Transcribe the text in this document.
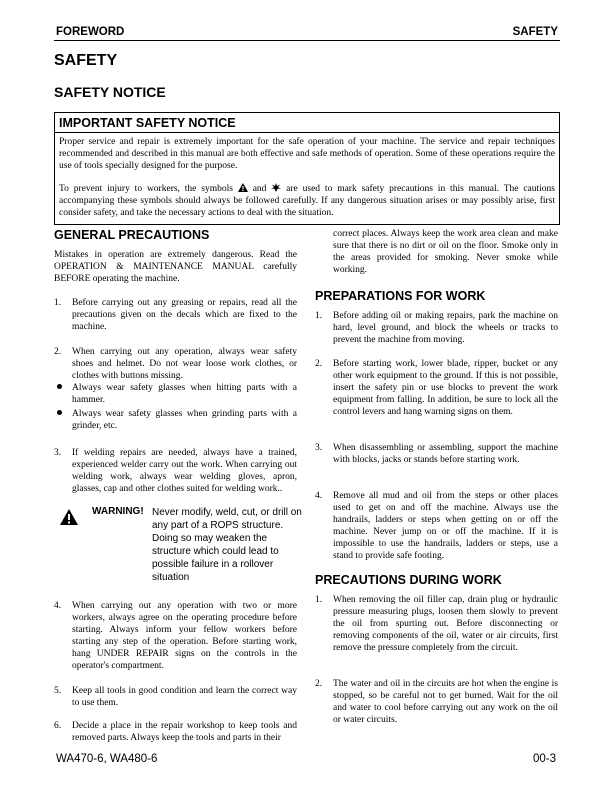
FOREWORD	SAFETY
SAFETY
SAFETY NOTICE
IMPORTANT SAFETY NOTICE
Proper service and repair is extremely important for the safe operation of your machine. The service and repair techniques recommended and described in this manual are both effective and safe methods of operation. Some of these operations require the use of tools specially designed for the purpose.
To prevent injury to workers, the symbols and are used to mark safety precautions in this manual. The cautions accompanying these symbols should always be followed carefully. If any dangerous situation arises or may possibly arise, first consider safety, and take the necessary actions to deal with the situation.
GENERAL PRECAUTIONS
Mistakes in operation are extremely dangerous. Read the OPERATION & MAINTENANCE MANUAL carefully BEFORE operating the machine.
1. Before carrying out any greasing or repairs, read all the precautions given on the decals which are fixed to the machine.
2. When carrying out any operation, always wear safety shoes and helmet. Do not wear loose work clothes, or clothes with buttons missing.
Always wear safety glasses when hitting parts with a hammer.
Always wear safety glasses when grinding parts with a grinder, etc.
3. If welding repairs are needed, always have a trained, experienced welder carry out the work. When carrying out welding work, always wear welding gloves, apron, glasses, cap and other clothes suited for welding work..
WARNING! Never modify, weld, cut, or drill on any part of a ROPS structure. Doing so may weaken the structure which could lead to possible failure in a rollover situation
4. When carrying out any operation with two or more workers, always agree on the operating procedure before starting. Always inform your fellow workers before starting any step of the operation. Before starting work, hang UNDER REPAIR signs on the controls in the operator's compartment.
5. Keep all tools in good condition and learn the correct way to use them.
6. Decide a place in the repair workshop to keep tools and removed parts. Always keep the tools and parts in their
correct places. Always keep the work area clean and make sure that there is no dirt or oil on the floor. Smoke only in the areas provided for smoking. Never smoke while working.
PREPARATIONS FOR WORK
1. Before adding oil or making repairs, park the machine on hard, level ground, and block the wheels or tracks to prevent the machine from moving.
2. Before starting work, lower blade, ripper, bucket or any other work equipment to the ground. If this is not possible, insert the safety pin or use blocks to prevent the work equipment from falling. In addition, be sure to lock all the control levers and hang warning signs on them.
3. When disassembling or assembling, support the machine with blocks, jacks or stands before starting work.
4. Remove all mud and oil from the steps or other places used to get on and off the machine. Always use the handrails, ladders or steps when getting on or off the machine. Never jump on or off the machine. If it is impossible to use the handrails, ladders or steps, use a stand to provide safe footing.
PRECAUTIONS DURING WORK
1. When removing the oil filler cap, drain plug or hydraulic pressure measuring plugs, loosen them slowly to prevent the oil from spurting out. Before disconnecting or removing components of the oil, water or air circuits, first remove the pressure completely from the circuit.
2. The water and oil in the circuits are hot when the engine is stopped, so be careful not to get burned. Wait for the oil and water to cool before carrying out any work on the oil or water circuits.
WA470-6, WA480-6	00-3
